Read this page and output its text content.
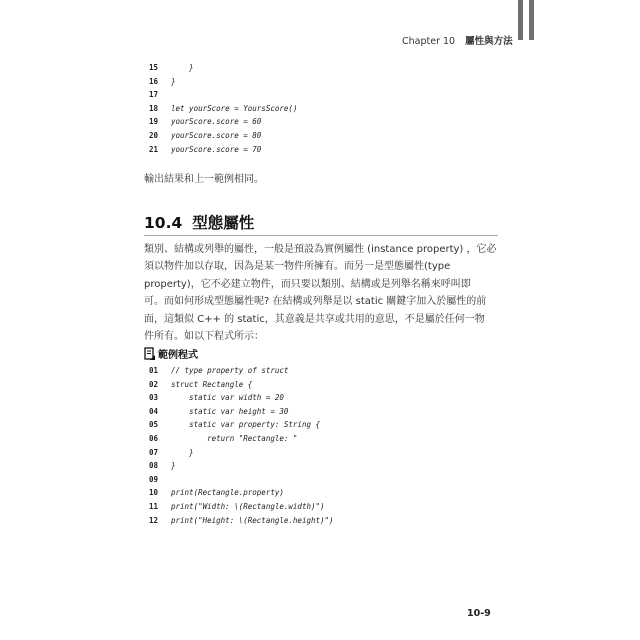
Chapter 10 屬性與方法
15 }
16 }
17
18 let yourScore = YoursScore()
19 yourScore.score = 60
20 yourScore.score = 80
21 yourScore.score = 70
輸出結果和上一範例相同。
10.4 型態屬性
類別、結構或列舉的屬性，一般是預設為實例屬性 (instance property) ，它必
須以物件加以存取，因為是某一物件所擁有。而另一是型態屬性(type
property)，它不必建立物件，而只要以類別、結構或是列舉名稱來呼叫即
可。而如何形成型態屬性呢? 在結構或列舉是以 static 關鍵字加入於屬性的前
面，這類似 C++ 的 static，其意義是共享或共用的意思，不是屬於任何一物
件所有。如以下程式所示：
範例程式
01 // type property of struct
02 struct Rectangle {
03 static var width = 20
04 static var height = 30
05 static var property: String {
06 return "Rectangle: "
07 }
08 }
09
10 print(Rectangle.property)
11 print("Width: \(Rectangle.width)")
12 print("Height: \(Rectangle.height)")
10-9
